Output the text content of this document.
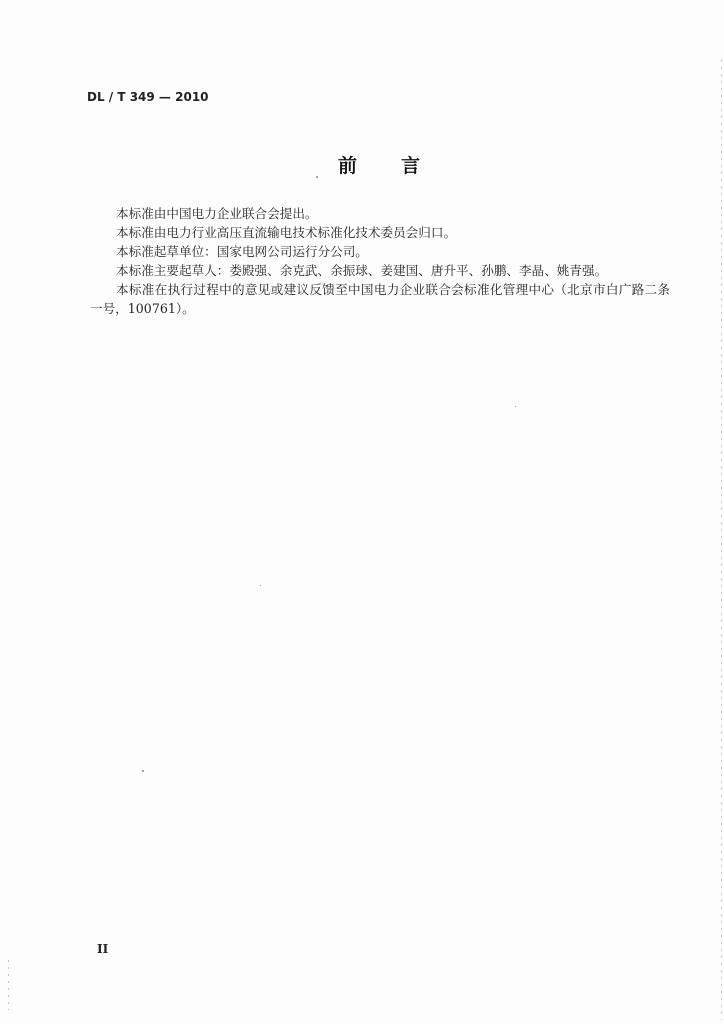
DL / T 349 — 2010
前言

本标准由中国电力企业联合会提出。

本标准由电力行业高压直流输电技术标准化技术委员会归口。

本标准起草单位：国家电网公司运行分公司。

本标准主要起草人：娄殿强、余克武、余振球、姜建国、唐升平、孙鹏、李晶、姚青强。

本标准在执行过程中的意见或建议反馈至中国电力企业联合会标准化管理中心（北京市白广路二条一号，100761）。

II
